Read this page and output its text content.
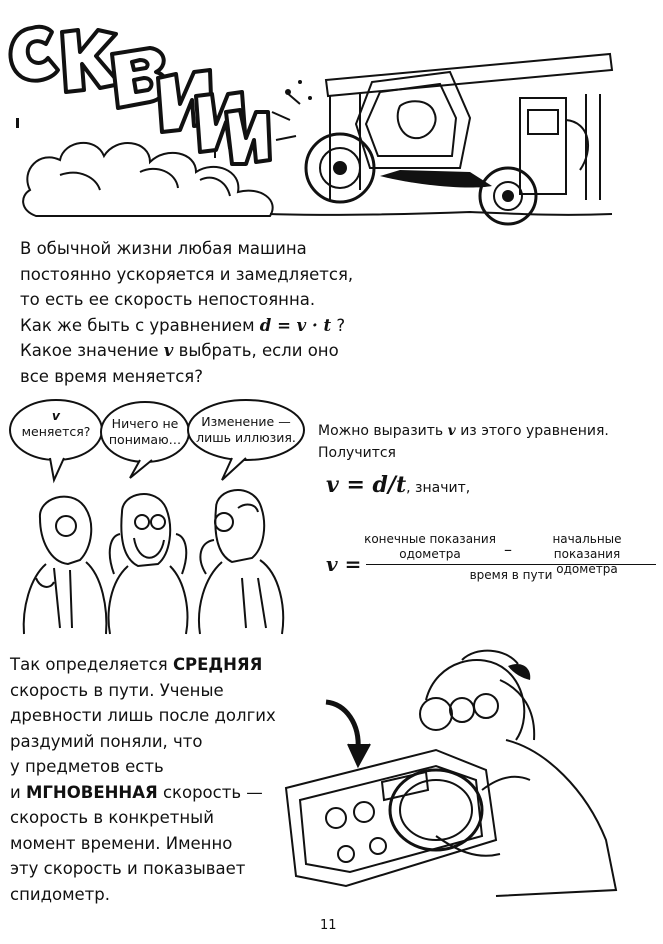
В обычной жизни любая машина
постоянно ускоряется и замедляется,
то есть ее скорость непостоянна.
Как же быть с уравнением d = v · t ?
Какое значение v выбрать, если оно
все время меняется?
v
меняется?
Ничего не
понимаю…
Изменение —
лишь иллюзия.	Можно выразить v из этого уравнения.
Получится
v = d/t, значит,
v =
конечные показания
одометра	–
начальные показания
одометра
время в пути
Так определяется СРЕДНЯЯ
скорость в пути. Ученые
древности лишь после долгих
раздумий поняли, что
у предметов есть
и МГНОВЕННАЯ скорость —
скорость в конкретный
момент времени. Именно
эту скорость и показывает
спидометр.
11
